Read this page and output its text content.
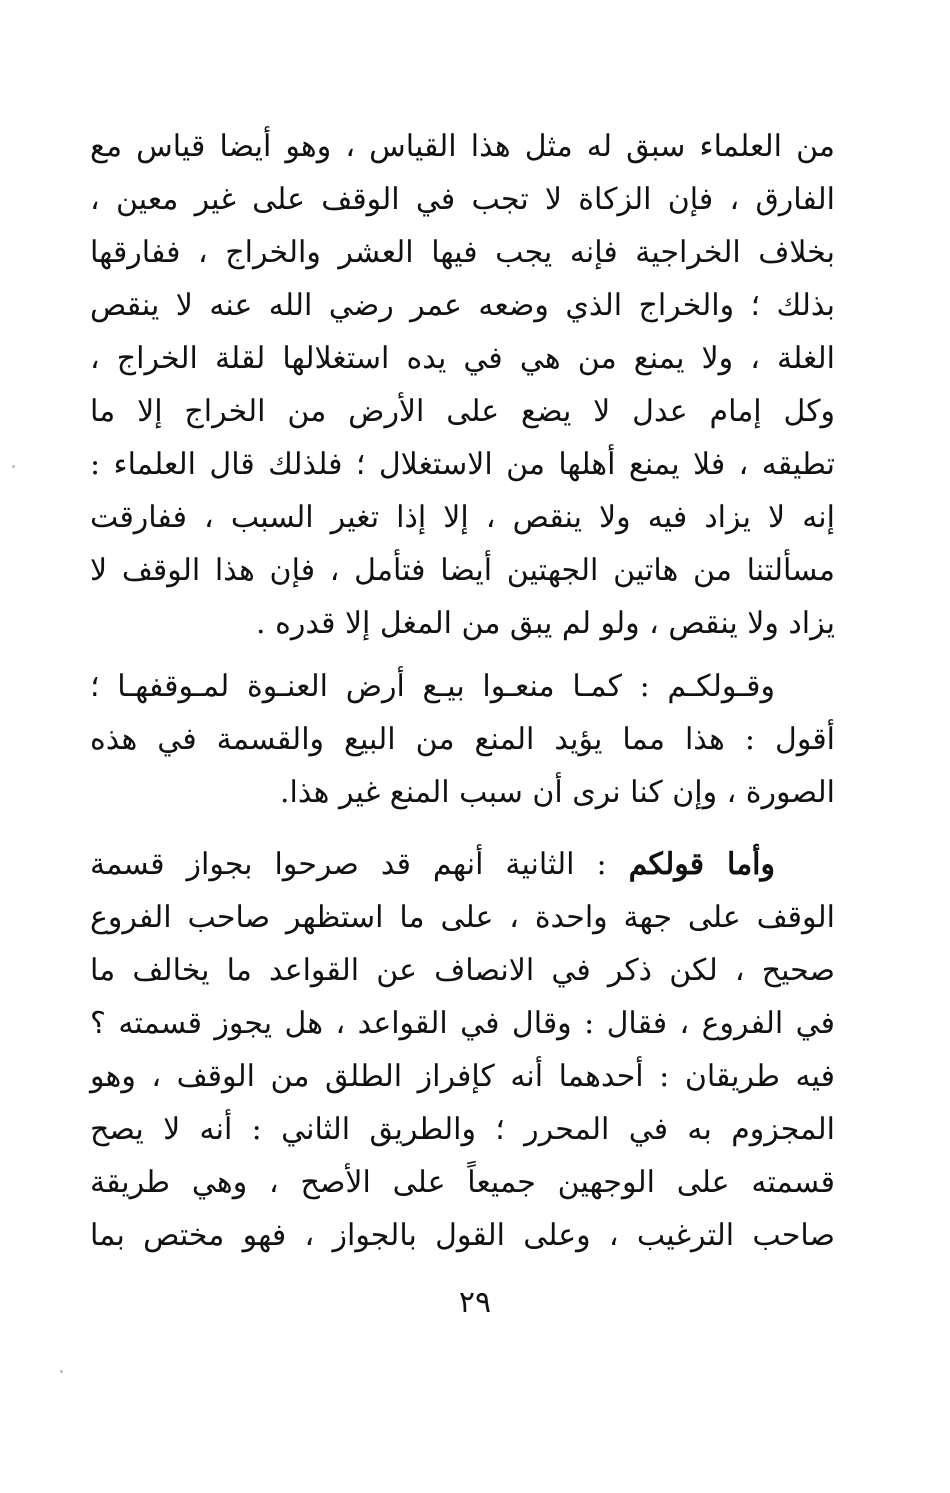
من العلماء سبق له مثل هذا القياس ، وهو أيضا قياس مع
الفارق ، فإن الزكاة لا تجب في الوقف على غير معين ،
بخلاف الخراجية فإنه يجب فيها العشر والخراج ، ففارقها
بذلك ؛ والخراج الذي وضعه عمر رضي الله عنه لا ينقص
الغلة ، ولا يمنع من هي في يده استغلالها لقلة الخراج ،
وكل إمام عدل لا يضع على الأرض من الخراج إلا ما
تطيقه ، فلا يمنع أهلها من الاستغلال ؛ فلذلك قال العلماء :
إنه لا يزاد فيه ولا ينقص ، إلا إذا تغير السبب ، ففارقت
مسألتنا من هاتين الجهتين أيضا فتأمل ، فإن هذا الوقف لا
يزاد ولا ينقص ، ولو لم يبق من المغل إلا قدره .
وقـولكـم : كمـا منعـوا بيـع أرض العنـوة لمـوقفهـا ؛
أقول : هذا مما يؤيد المنع من البيع والقسمة في هذه
الصورة ، وإن كنا نرى أن سبب المنع غير هذا.
وأما قولكم : الثانية أنهم قد صرحوا بجواز قسمة
الوقف على جهة واحدة ، على ما استظهر صاحب الفروع
صحيح ، لكن ذكر في الانصاف عن القواعد ما يخالف ما
في الفروع ، فقال : وقال في القواعد ، هل يجوز قسمته ؟
فيه طريقان : أحدهما أنه كإفراز الطلق من الوقف ، وهو
المجزوم به في المحرر ؛ والطريق الثاني : أنه لا يصح
قسمته على الوجهين جميعاً على الأصح ، وهي طريقة
صاحب الترغيب ، وعلى القول بالجواز ، فهو مختص بما
٢٩
